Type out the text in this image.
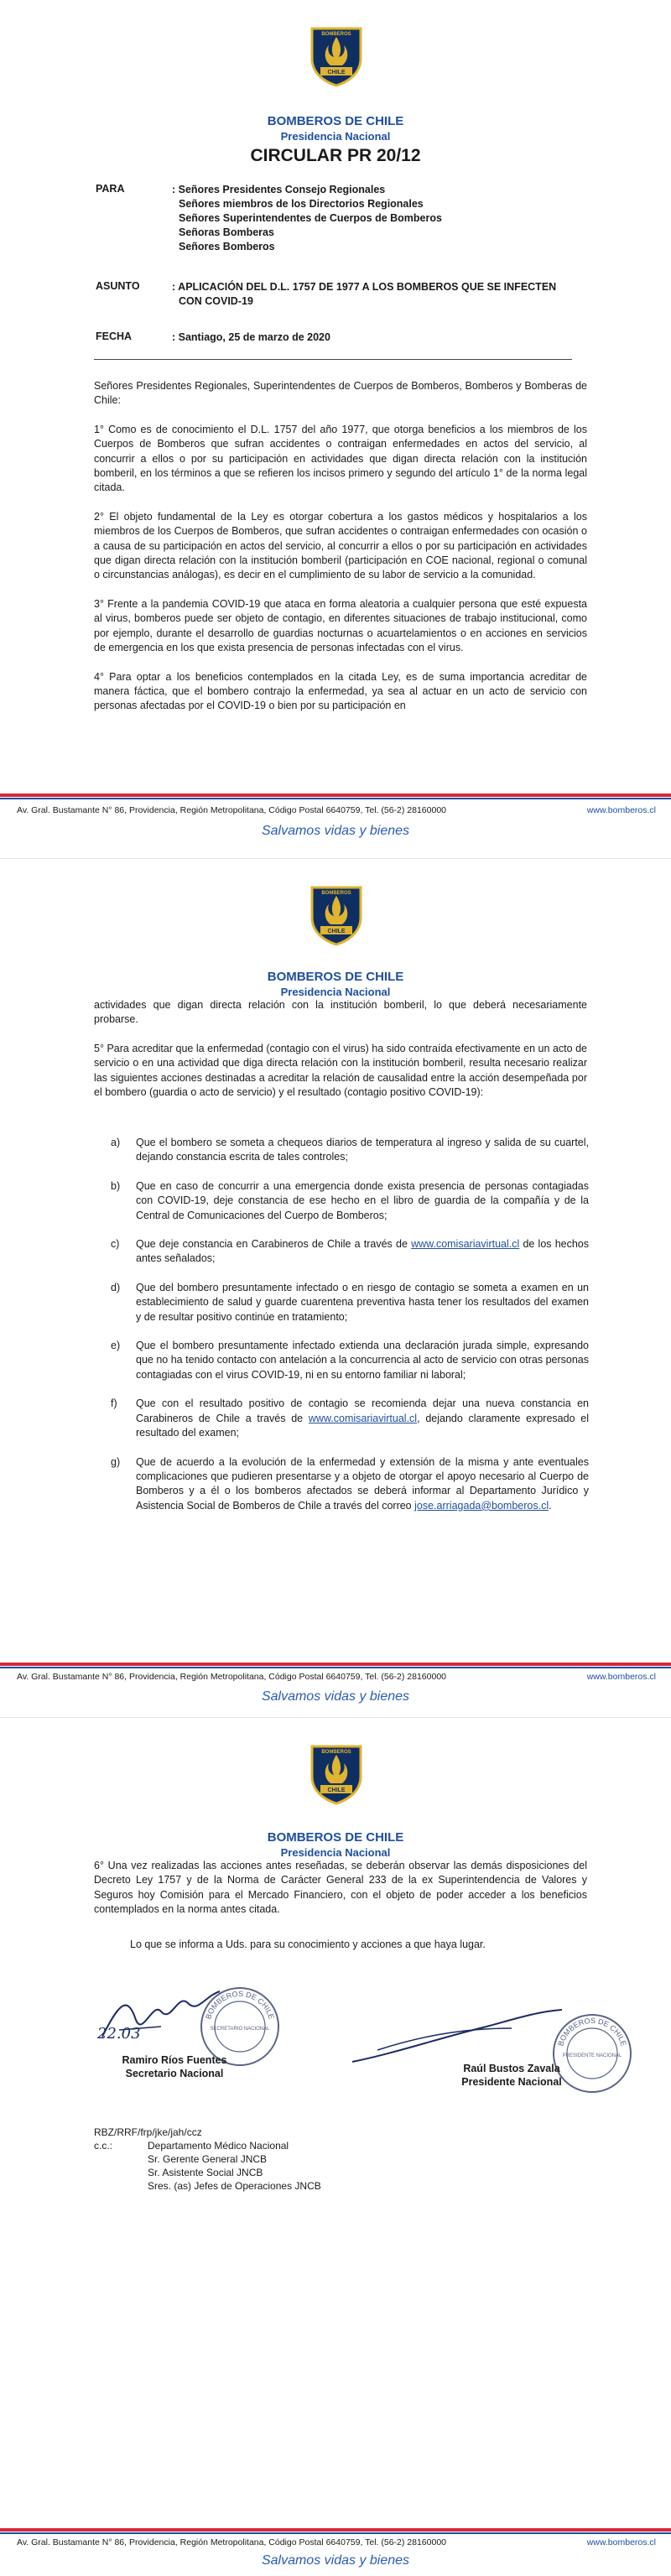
CHILE
BOMBEROS
BOMBEROS DE CHILE
Presidencia Nacional
CIRCULAR PR 20/12
PARA	: Señores Presidentes Consejo Regionales
Señores miembros de los Directorios Regionales
Señores Superintendentes de Cuerpos de Bomberos
Señoras Bomberas
Señores Bomberos
ASUNTO	: APLICACIÓN DEL D.L. 1757 DE 1977 A LOS BOMBEROS QUE SE INFECTEN
CON COVID-19
FECHA	: Santiago, 25 de marzo de 2020

Señores Presidentes Regionales, Superintendentes de Cuerpos de Bomberos, Bomberos y Bomberas de Chile:

1° Como es de conocimiento el D.L. 1757 del año 1977, que otorga beneficios a los miembros de los Cuerpos de Bomberos que sufran accidentes o contraigan enfermedades en actos del servicio, al concurrir a ellos o por su participación en actividades que digan directa relación con la institución bomberil, en los términos a que se refieren los incisos primero y segundo del artículo 1° de la norma legal citada.

2° El objeto fundamental de la Ley es otorgar cobertura a los gastos médicos y hospitalarios a los miembros de los Cuerpos de Bomberos, que sufran accidentes o contraigan enfermedades con ocasión o a causa de su participación en actos del servicio, al concurrir a ellos o por su participación en actividades que digan directa relación con la institución bomberil (participación en COE nacional, regional o comunal o circunstancias análogas), es decir en el cumplimiento de su labor de servicio a la comunidad.

3° Frente a la pandemia COVID-19 que ataca en forma aleatoria a cualquier persona que esté expuesta al virus, bomberos puede ser objeto de contagio, en diferentes situaciones de trabajo institucional, como por ejemplo, durante el desarrollo de guardias nocturnas o acuartelamientos o en acciones en servicios de emergencia en los que exista presencia de personas infectadas con el virus.

4° Para optar a los beneficios contemplados en la citada Ley, es de suma importancia acreditar de manera fáctica, que el bombero contrajo la enfermedad, ya sea al actuar en un acto de servicio con personas afectadas por el COVID-19 o bien por su participación en

Av. Gral. Bustamante N° 86, Providencia, Región Metropolitana, Código Postal 6640759, Tel. (56-2) 28160000	www.bomberos.cl
Salvamos vidas y bienes
CHILE
BOMBEROS
BOMBEROS DE CHILE
Presidencia Nacional

actividades que digan directa relación con la institución bomberil, lo que deberá necesariamente probarse.

5° Para acreditar que la enfermedad (contagio con el virus) ha sido contraída efectivamente en un acto de servicio o en una actividad que diga directa relación con la institución bomberil, resulta necesario realizar las siguientes acciones destinadas a acreditar la relación de causalidad entre la acción desempeñada por el bombero (guardia o acto de servicio) y el resultado (contagio positivo COVID-19):

a) Que el bombero se someta a chequeos diarios de temperatura al ingreso y salida de su cuartel, dejando constancia escrita de tales controles;
b) Que en caso de concurrir a una emergencia donde exista presencia de personas contagiadas con COVID-19, deje constancia de ese hecho en el libro de guardia de la compañía y de la Central de Comunicaciones del Cuerpo de Bomberos;
c) Que deje constancia en Carabineros de Chile a través de www.comisariavirtual.cl de los hechos antes señalados;
d) Que del bombero presuntamente infectado o en riesgo de contagio se someta a examen en un establecimiento de salud y guarde cuarentena preventiva hasta tener los resultados del examen y de resultar positivo continúe en tratamiento;
e) Que el bombero presuntamente infectado extienda una declaración jurada simple, expresando que no ha tenido contacto con antelación a la concurrencia al acto de servicio con otras personas contagiadas con el virus COVID-19, ni en su entorno familiar ni laboral;
f) Que con el resultado positivo de contagio se recomienda dejar una nueva constancia en Carabineros de Chile a través de www.comisariavirtual.cl, dejando claramente expresado el resultado del examen;
g) Que de acuerdo a la evolución de la enfermedad y extensión de la misma y ante eventuales complicaciones que pudieren presentarse y a objeto de otorgar el apoyo necesario al Cuerpo de Bomberos y a él o los bomberos afectados se deberá informar al Departamento Jurídico y Asistencia Social de Bomberos de Chile a través del correo jose.arriagada@bomberos.cl.
Av. Gral. Bustamante N° 86, Providencia, Región Metropolitana, Código Postal 6640759, Tel. (56-2) 28160000	www.bomberos.cl
Salvamos vidas y bienes
CHILE
BOMBEROS
BOMBEROS DE CHILE
Presidencia Nacional

6° Una vez realizadas las acciones antes reseñadas, se deberán observar las demás disposiciones del Decreto Ley 1757 y de la Norma de Carácter General 233 de la ex Superintendencia de Valores y Seguros hoy Comisión para el Mercado Financiero, con el objeto de poder acceder a los beneficios contemplados en la norma antes citada.

Lo que se informa a Uds. para su conocimiento y acciones a que haya lugar.
22.03
BOMBEROS DE CHILE
SECRETARIO NACIONAL
Ramiro Ríos Fuentes
Secretario Nacional
BOMBEROS DE CHILE
PRESIDENTE NACIONAL
Raúl Bustos Zavala
Presidente Nacional
RBZ/RRF/frp/jke/jah/ccz
c.c.:	Departamento Médico Nacional
Sr. Gerente General JNCB
Sr. Asistente Social JNCB
Sres. (as) Jefes de Operaciones JNCB
Av. Gral. Bustamante N° 86, Providencia, Región Metropolitana, Código Postal 6640759, Tel. (56-2) 28160000	www.bomberos.cl
Salvamos vidas y bienes
